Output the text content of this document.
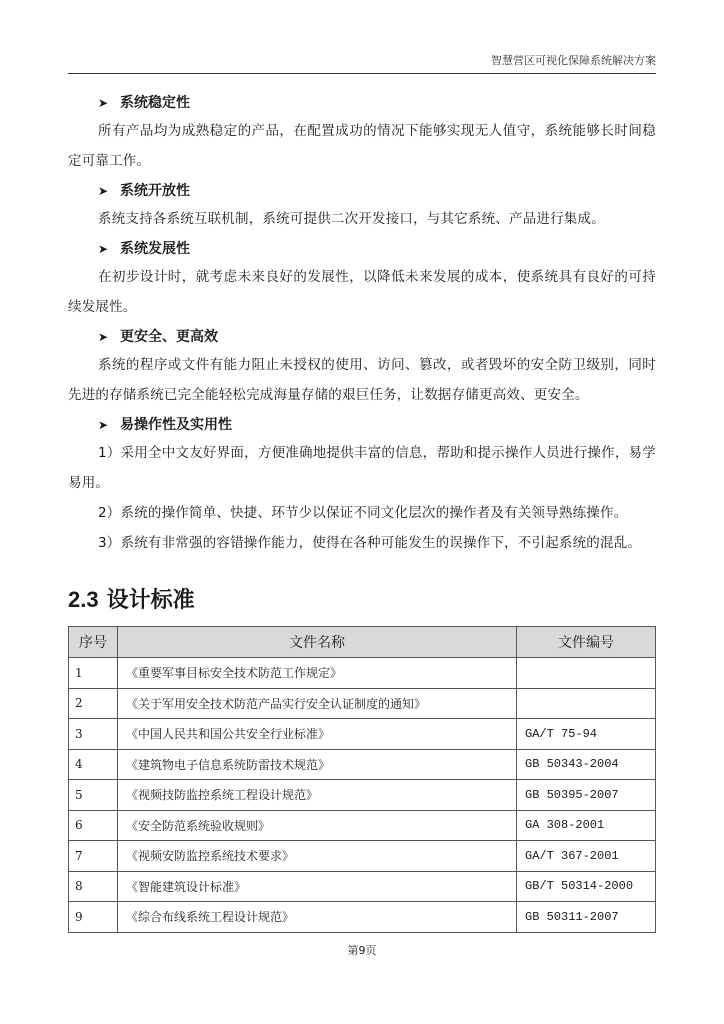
智慧营区可视化保障系统解决方案

➤ 系统稳定性

所有产品均为成熟稳定的产品，在配置成功的情况下能够实现无人值守，系统能够长时间稳定可靠工作。

➤ 系统开放性

系统支持各系统互联机制，系统可提供二次开发接口，与其它系统、产品进行集成。

➤ 系统发展性

在初步设计时，就考虑未来良好的发展性，以降低未来发展的成本，使系统具有良好的可持续发展性。

➤ 更安全、更高效

系统的程序或文件有能力阻止未授权的使用、访问、篡改，或者毁坏的安全防卫级别，同时先进的存储系统已完全能轻松完成海量存储的艰巨任务，让数据存储更高效、更安全。

➤ 易操作性及实用性

1）采用全中文友好界面，方便准确地提供丰富的信息，帮助和提示操作人员进行操作，易学易用。

2）系统的操作简单、快捷、环节少以保证不同文化层次的操作者及有关领导熟练操作。

3）系统有非常强的容错操作能力，使得在各种可能发生的误操作下，不引起系统的混乱。

2.3 设计标准
序号	文件名称	文件编号
1	《重要军事目标安全技术防范工作规定》	
2	《关于军用安全技术防范产品实行安全认证制度的通知》	
3	《中国人民共和国公共安全行业标准》	GA/T 75-94
4	《建筑物电子信息系统防雷技术规范》	GB 50343-2004
5	《视频技防监控系统工程设计规范》	GB 50395-2007
6	《安全防范系统验收规则》	GA 308-2001
7	《视频安防监控系统技术要求》	GA/T 367-2001
8	《智能建筑设计标准》	GB/T 50314-2000
9	《综合布线系统工程设计规范》	GB 50311-2007
第9页
